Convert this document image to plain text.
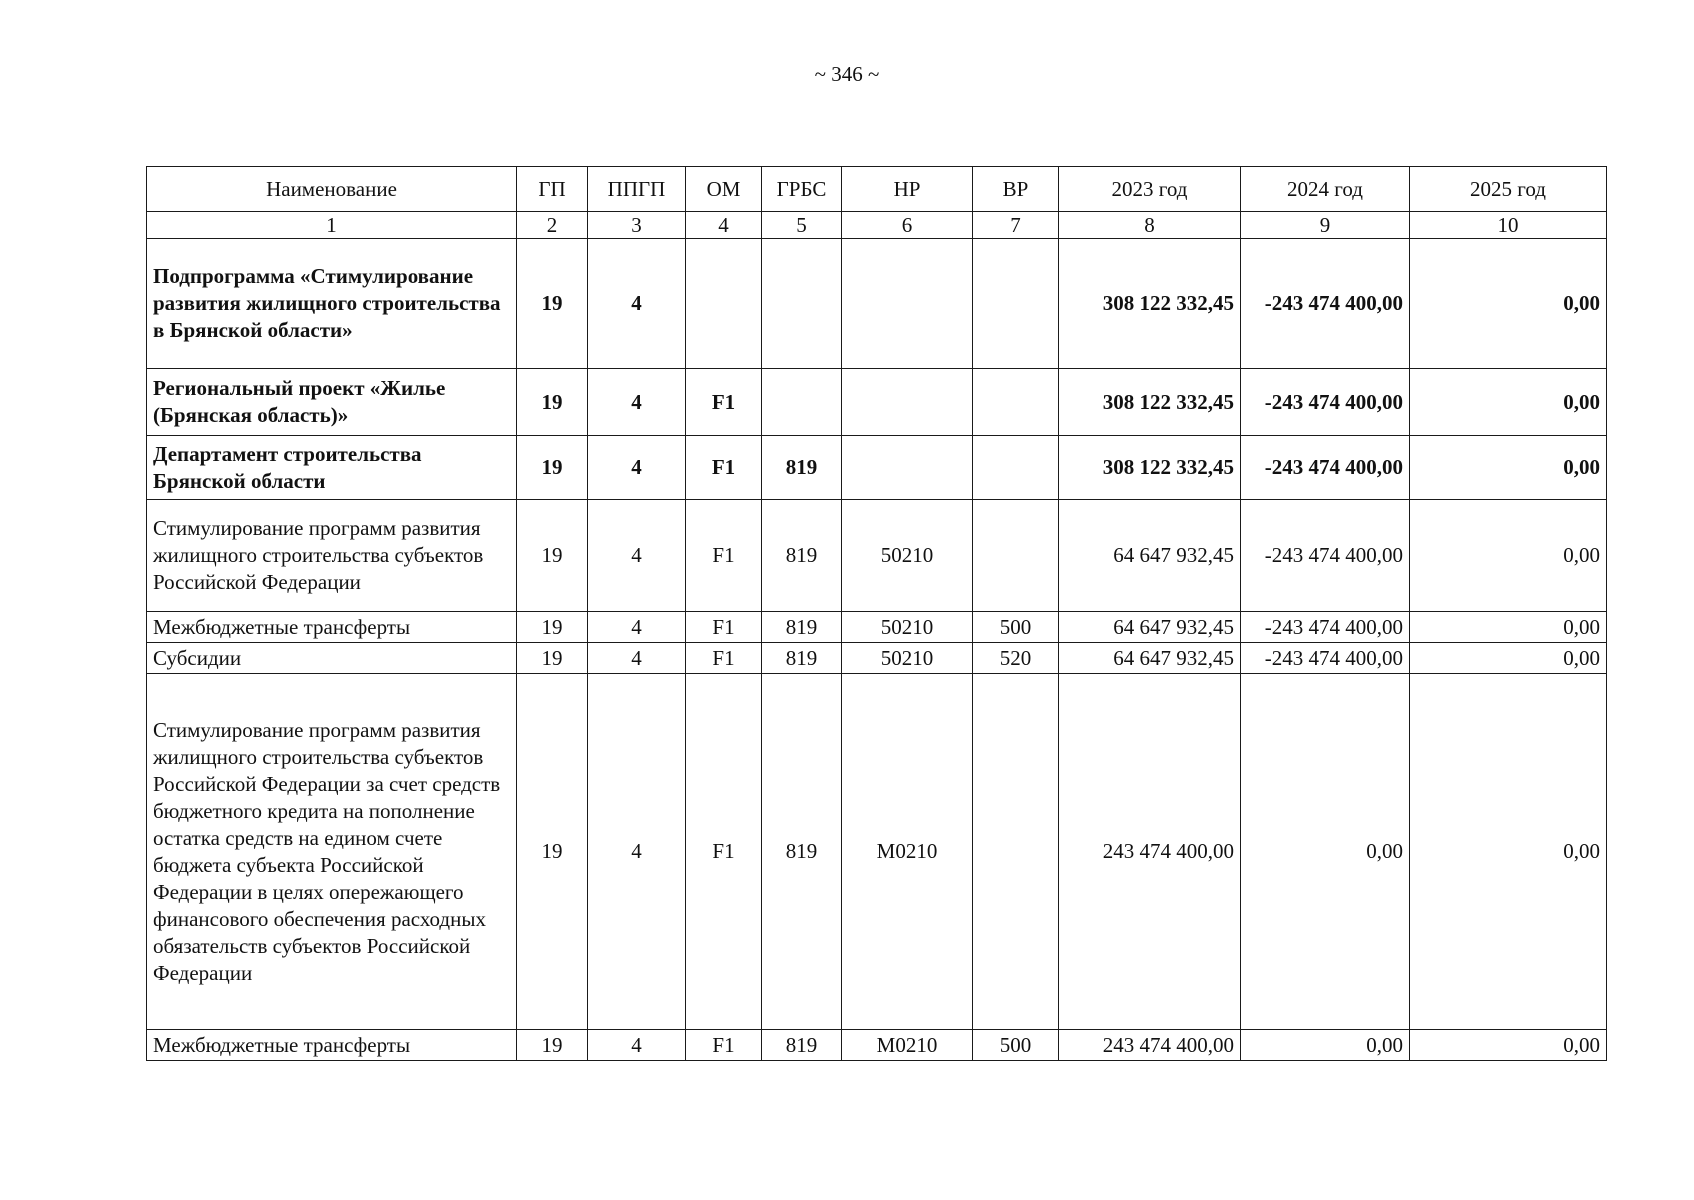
~ 346 ~
Наименование	ГП	ППГП	ОМ	ГРБС	НР	ВР	2023 год	2024 год	2025 год
1	2	3	4	5	6	7	8	9	10
Подпрограмма «Стимулирование развития жилищного строительства в Брянской области»	19	4					308 122 332,45	-243 474 400,00	0,00
Региональный проект «Жилье (Брянская область)»	19	4	F1				308 122 332,45	-243 474 400,00	0,00
Департамент строительства Брянской области	19	4	F1	819			308 122 332,45	-243 474 400,00	0,00
Стимулирование программ развития жилищного строительства субъектов Российской Федерации	19	4	F1	819	50210		64 647 932,45	-243 474 400,00	0,00
Межбюджетные трансферты	19	4	F1	819	50210	500	64 647 932,45	-243 474 400,00	0,00
Субсидии	19	4	F1	819	50210	520	64 647 932,45	-243 474 400,00	0,00
Стимулирование программ развития жилищного строительства субъектов Российской Федерации за счет средств бюджетного кредита на пополнение остатка средств на едином счете бюджета субъекта Российской Федерации в целях опережающего финансового обеспечения расходных обязательств субъектов Российской Федерации	19	4	F1	819	M0210		243 474 400,00	0,00	0,00
Межбюджетные трансферты	19	4	F1	819	M0210	500	243 474 400,00	0,00	0,00
